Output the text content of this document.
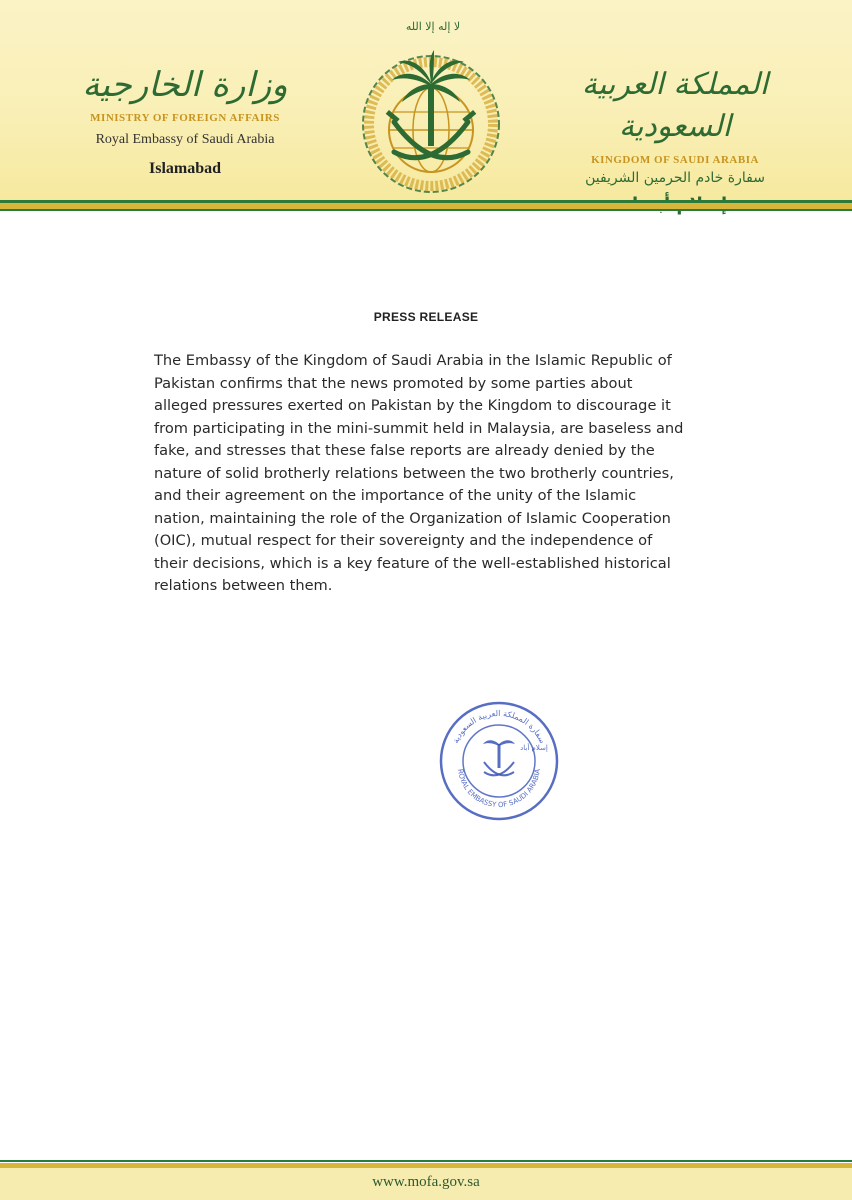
وزارة الخارجية
MINISTRY OF FOREIGN AFFAIRS
Royal Embassy of Saudi Arabia
Islamabad
لا إله إلا الله
المملكة العربية السعودية
KINGDOM OF SAUDI ARABIA
سفارة خادم الحرمين الشريفين
PRESS RELEASE
The Embassy of the Kingdom of Saudi Arabia in the Islamic Republic of
Pakistan confirms that the news promoted by some parties about
alleged pressures exerted on Pakistan by the Kingdom to discourage it
from participating in the mini-summit held in Malaysia, are baseless and
fake, and stresses that these false reports are already denied by the
nature of solid brotherly relations between the two brotherly countries,
and their agreement on the importance of the unity of the Islamic
nation, maintaining the role of the Organization of Islamic Cooperation
(OIC), mutual respect for their sovereignty and the independence of
their decisions, which is a key feature of the well-established historical
relations between them.
سفارة المملكة العربية السعودية
ROYAL EMBASSY OF SAUDI ARABIA
إسلام أباد
www.mofa.gov.sa
